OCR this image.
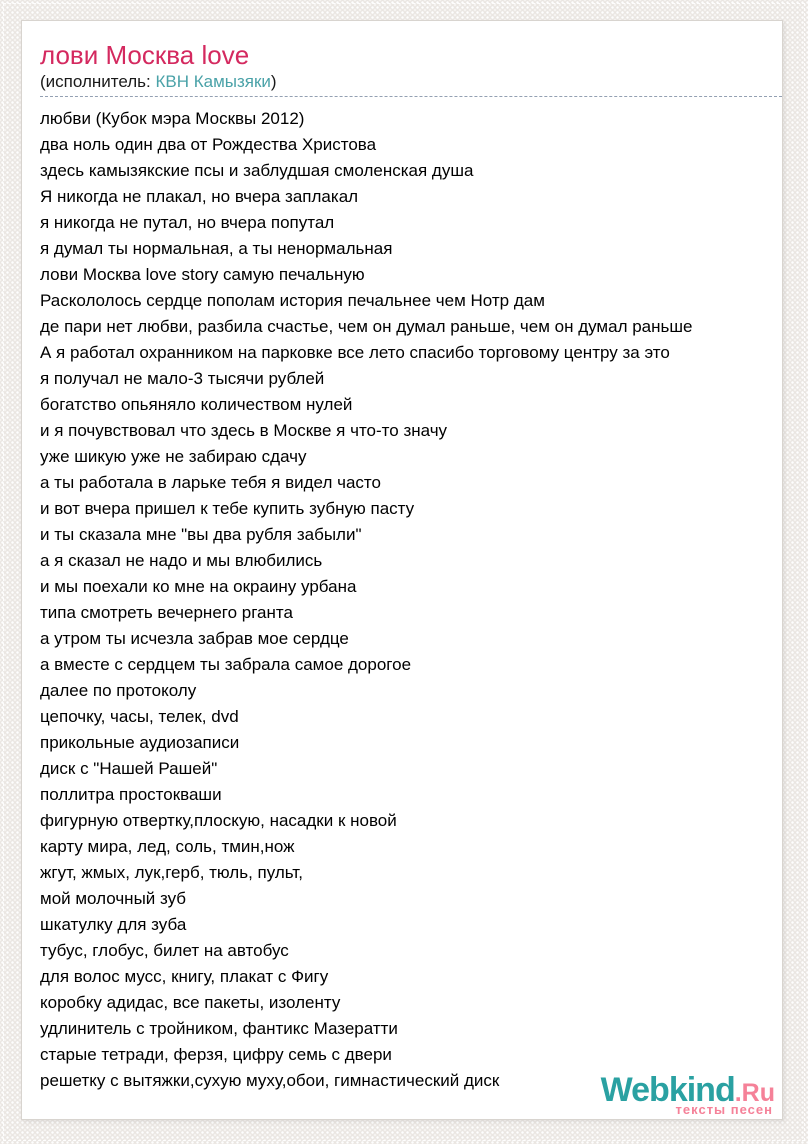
лови Москва love
(исполнитель: КВН Камызяки)
любви (Кубок мэра Москвы 2012)
два ноль один два от Рождества Христова
здесь камызякские псы и заблудшая смоленская душа
Я никогда не плакал, но вчера заплакал
я никогда не путал, но вчера попутал
я думал ты нормальная, а ты ненормальная
лови Москва love story самую печальную
Раскололось сердце пополам история печальнее чем Нотр дам
де пари нет любви, разбила счастье, чем он думал раньше, чем он думал раньше
А я работал охранником на парковке все лето спасибо торговому центру за это
я получал не мало-3 тысячи рублей
богатство опьяняло количеством нулей
и я почувствовал что здесь в Москве я что-то значу
уже шикую уже не забираю сдачу
а ты работала в ларьке тебя я видел часто
и вот вчера пришел к тебе купить зубную пасту
и ты сказала мне "вы два рубля забыли"
а я сказал не надо и мы влюбились
и мы поехали ко мне на окраину урбана
типа смотреть вечернего рганта
а утром ты исчезла забрав мое сердце
а вместе с сердцем ты забрала самое дорогое
далее по протоколу
цепочку, часы, телек, dvd
прикольные аудиозаписи
диск с "Нашей Рашей"
поллитра простокваши
фигурную отвертку,плоскую, насадки к новой
карту мира, лед, соль, тмин,нож
жгут, жмых, лук,герб, тюль, пульт,
мой молочный зуб
шкатулку для зуба
тубус, глобус, билет на автобус
для волос мусс, книгу, плакат с Фигу
коробку адидас, все пакеты, изоленту
удлинитель с тройником, фантикс Мазератти
старые тетради, ферзя, цифру семь с двери
решетку с вытяжки,сухую муху,обои, гимнастический диск	Webkind.Ru
тексты песен
